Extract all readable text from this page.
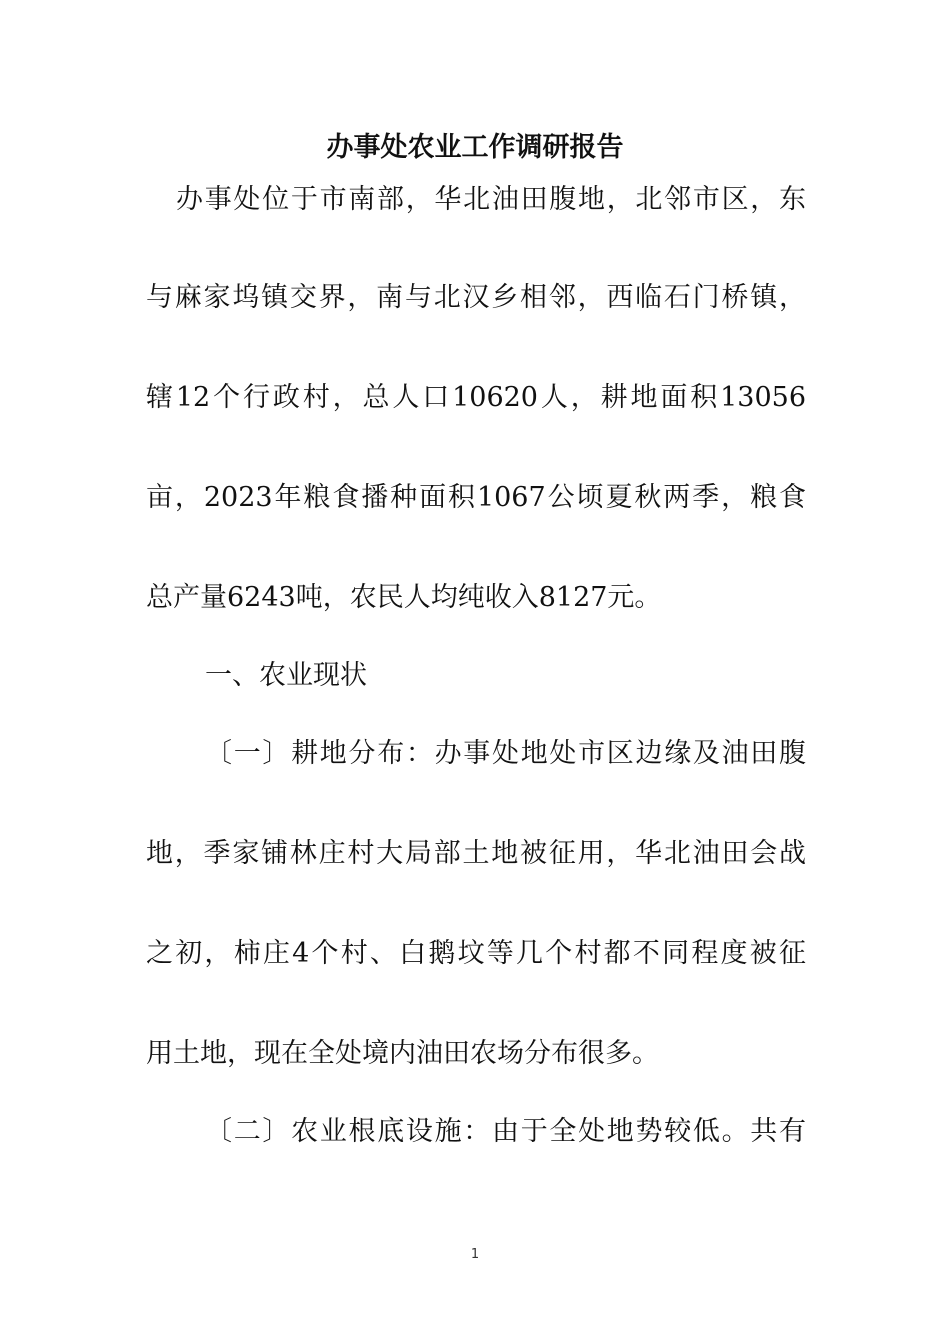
办事处农业工作调研报告

办事处位于市南部，华北油田腹地，北邻市区，东

与麻家坞镇交界，南与北汉乡相邻，西临石门桥镇，

辖12个行政村，总人口10620人，耕地面积13056

亩，2023年粮食播种面积1067公顷夏秋两季，粮食

总产量6243吨，农民人均纯收入8127元。

一、农业现状

〔一〕耕地分布：办事处地处市区边缘及油田腹

地，季家铺林庄村大局部土地被征用，华北油田会战

之初，柿庄4个村、白鹅坟等几个村都不同程度被征

用土地，现在全处境内油田农场分布很多。

〔二〕农业根底设施：由于全处地势较低。共有

1
